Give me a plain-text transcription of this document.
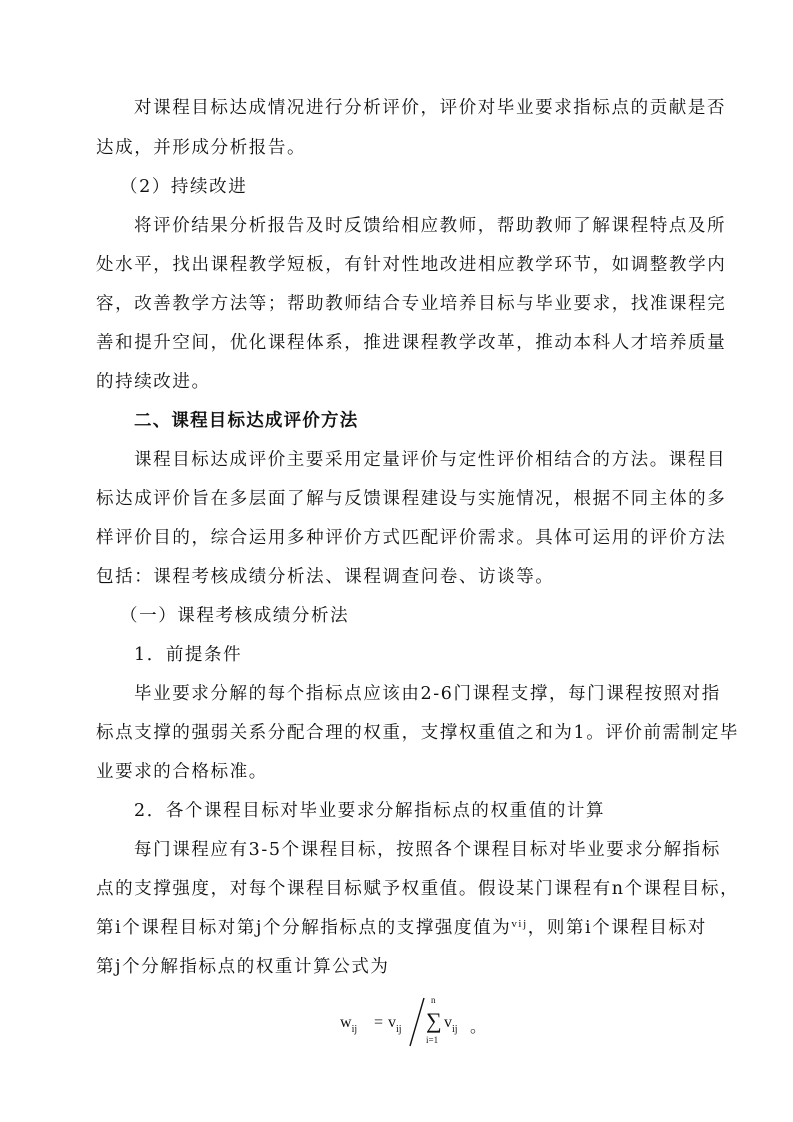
对课程目标达成情况进行分析评价，评价对毕业要求指标点的贡献是否
达成，并形成分析报告。
（2）持续改进
将评价结果分析报告及时反馈给相应教师，帮助教师了解课程特点及所
处水平，找出课程教学短板，有针对性地改进相应教学环节，如调整教学内
容，改善教学方法等；帮助教师结合专业培养目标与毕业要求，找准课程完
善和提升空间，优化课程体系，推进课程教学改革，推动本科人才培养质量
的持续改进。
二、课程目标达成评价方法
课程目标达成评价主要采用定量评价与定性评价相结合的方法。课程目
标达成评价旨在多层面了解与反馈课程建设与实施情况，根据不同主体的多
样评价目的，综合运用多种评价方式匹配评价需求。具体可运用的评价方法
包括：课程考核成绩分析法、课程调查问卷、访谈等。
（一）课程考核成绩分析法
1．前提条件
毕业要求分解的每个指标点应该由2-6门课程支撑，每门课程按照对指
标点支撑的强弱关系分配合理的权重，支撑权重值之和为1。评价前需制定毕
业要求的合格标准。
2．各个课程目标对毕业要求分解指标点的权重值的计算
每门课程应有3-5个课程目标，按照各个课程目标对毕业要求分解指标
点的支撑强度，对每个课程目标赋予权重值。假设某门课程有n个课程目标，
第i个课程目标对第j个分解指标点的支撑强度值为$^{vij}$，则第i个课程目标对
第j个分解指标点的权重计算公式为
$w_{ij} = v_{ij}$
n
∑
i=1
$v_{ij}$ 。
